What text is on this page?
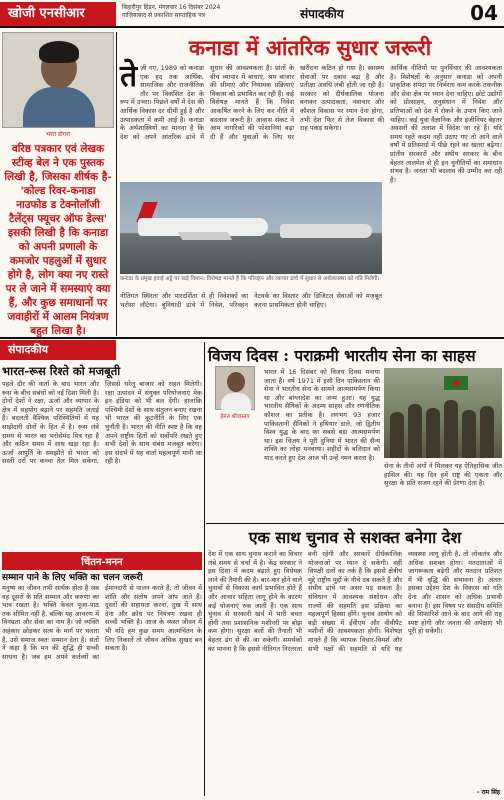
खोजी एनसीआर	बिहारीपुर हिंडन, मंगलवार 16 दिसंबर 2024
ग़ाज़ियाबाद से प्रकाशित साप्ताहिक पत्र	संपादकीय	04
भरत डोगरा
वरिष्ठ पत्रकार एवं लेखक स्टीव्ह बेल ने एक पुस्तक लिखी है, जिसका शीर्षक है- 'कोल्ड रिवर-कनाडा नाउफोड ड टेक्नोलॉजी टैलेंट्स फ्यूचर ऑफ डेल्स' इसकी लिखी है कि कनाडा को अपनी प्रणाली के कमजोर पहलुओं में सुधार होगे है, लोग क्या नए रास्ते पर ले जाने में समस्याएं क्या हैं, और कुछ समाधानों पर जवाहीरों में आलम नियंत्रण बहुत लिखा है।
कनाडा में आंतरिक सुधार जरूरी
ते ज़ी गए, 1989 को कनाडा एक हद तक आर्थिक, सामाजिक और राजनीतिक तौर पर विकसित देश के रूप में उभरा। पिछले वर्षों में देश की आर्थिक विकास दर धीमी हुई है और उत्पादकता में कमी आई है। कनाडा के अर्थशास्त्रियों का मानना है कि देश को अपने आंतरिक ढांचे में सुधार की आवश्यकता है। प्रांतों के बीच व्यापार में बाधाएं, श्रम बाजार की सीमाएं और नियामक प्रक्रियाएं विकास को प्रभावित कर रही हैं। कई विशेषज्ञ मानते हैं कि निवेश आकर्षित करने के लिए कर नीति में बदलाव जरूरी है। आवास संकट ने आम नागरिकों की परेशानियां बढ़ा दी हैं और युवाओं के लिए घर खरीदना कठिन हो गया है। स्वास्थ्य सेवाओं पर दबाव बढ़ा है और प्रतीक्षा अवधि लंबी होती जा रही है। सरकार को दीर्घकालिक योजना बनाकर उत्पादकता, नवाचार और कौशल विकास पर ध्यान देना होगा, तभी देश फिर से तेज विकास की राह पकड़ सकेगा।
कनाडा के प्रमुख हवाई अड्डे पर खड़े विमान। विशेषज्ञ मानते हैं कि परिवहन और व्यापार ढांचे में सुधार से अर्थव्यवस्था को गति मिलेगी।
नीतिगत स्थिरता और पारदर्शिता से ही निवेशकों का भरोसा लौटेगा। बुनियादी ढांचे में निवेश, परिवहन नेटवर्क का विस्तार और डिजिटल सेवाओं को मजबूत करना प्राथमिकता होनी चाहिए।
आर्थिक नीतियों पर पुनर्विचार की आवश्यकता है। विशेषज्ञों के अनुसार कनाडा को अपनी प्राकृतिक संपदा पर निर्भरता कम करके तकनीक और सेवा क्षेत्र पर ध्यान देना चाहिए। छोटे उद्योगों को प्रोत्साहन, अनुसंधान में निवेश और प्रतिभाओं को देश में रोकने के उपाय किए जाने चाहिए। कई युवा वैज्ञानिक और इंजीनियर बेहतर अवसरों की तलाश में विदेश जा रहे हैं। यदि समय रहते कदम नहीं उठाए गए तो आने वाले वर्षों में प्रतिस्पर्धा में पीछे रहने का खतरा बढ़ेगा। प्रांतीय सरकारों और संघीय सरकार के बीच बेहतर तालमेल से ही इन चुनौतियों का समाधान संभव है। जनता भी बदलाव की उम्मीद कर रही है।
संपादकीय
भारत-रूस रिश्ते को मजबूती
पहले दौर की वार्ता के बाद भारत और रूस के बीच संबंधों को नई दिशा मिली है। दोनों देशों ने रक्षा, ऊर्जा और व्यापार के क्षेत्र में सहयोग बढ़ाने पर सहमति जताई है। बदलती वैश्विक परिस्थितियों में यह साझेदारी दोनों के हित में है। रूस लंबे समय से भारत का भरोसेमंद मित्र रहा है और कठिन समय में साथ खड़ा रहा है। ऊर्जा आपूर्ति के समझौते से भारत को सस्ती दरों पर कच्चा तेल मिल सकेगा, जिससे घरेलू बाजार को राहत मिलेगी। रक्षा उत्पादन में संयुक्त परियोजनाएं मेक इन इंडिया को भी बल देंगी। हालांकि पश्चिमी देशों के साथ संतुलन बनाए रखना भी भारत की कूटनीति के लिए एक चुनौती है। भारत की नीति स्पष्ट है कि वह अपने राष्ट्रीय हितों को सर्वोपरि रखते हुए सभी देशों के साथ संबंध मजबूत करेगा। इस संदर्भ में यह वार्ता महत्वपूर्ण मानी जा रही है।
चिंतन-मनन
सम्मान पाने के लिए भक्ति का चलन जरूरी
मनुष्य का जीवन तभी सार्थक होता है जब वह दूसरों के प्रति सम्मान और करुणा का भाव रखता है। भक्ति केवल पूजा-पाठ तक सीमित नहीं है, बल्कि यह आचरण में विनम्रता और सेवा का नाम है। जो व्यक्ति अहंकार छोड़कर सत्य के मार्ग पर चलता है, उसे समाज स्वतः सम्मान देता है। संतों ने कहा है कि मन की शुद्धि ही सच्ची साधना है। जब हम अपने कर्तव्यों का ईमानदारी से पालन करते हैं, तो जीवन में शांति और संतोष अपने आप आते हैं। दूसरों की सहायता करना, दुख में साथ देना और क्रोध पर नियंत्रण रखना ही सच्ची भक्ति है। आज के व्यस्त जीवन में भी यदि हम कुछ समय आत्मचिंतन के लिए निकालें तो जीवन अधिक सुखद बन सकता है।
विजय दिवस : पराक्रमी भारतीय सेना का साहस
हेमंत श्रीवास्तव
भारत में 16 दिसंबर को विजय दिवस मनाया जाता है। वर्ष 1971 में इसी दिन पाकिस्तान की सेना ने भारतीय सेना के सामने आत्मसमर्पण किया था और बांग्लादेश का जन्म हुआ। यह युद्ध भारतीय सैनिकों के अदम्य साहस और रणनीतिक कौशल का प्रतीक है। लगभग 93 हजार पाकिस्तानी सैनिकों ने हथियार डाले, जो द्वितीय विश्व युद्ध के बाद का सबसे बड़ा आत्मसमर्पण था। इस विजय ने पूरी दुनिया में भारत की सैन्य शक्ति का लोहा मनवाया। शहीदों के बलिदान को याद करते हुए देश आज भी उन्हें नमन करता है।
सेना के तीनों अंगों ने मिलकर यह ऐतिहासिक जीत हासिल की। यह दिन हमें राष्ट्र की एकता और सुरक्षा के प्रति सजग रहने की प्रेरणा देता है।
एक साथ चुनाव से सशक्त बनेगा देश
देश में एक साथ चुनाव कराने का विचार लंबे समय से चर्चा में है। केंद्र सरकार ने इस दिशा में कदम बढ़ाते हुए विधेयक लाने की तैयारी की है। बार-बार होने वाले चुनावों से विकास कार्य प्रभावित होते हैं और आचार संहिता लागू होने के कारण कई योजनाएं रुक जाती हैं। एक साथ चुनाव से सरकारी खर्च में भारी बचत होगी तथा प्रशासनिक मशीनरी पर बोझ कम होगा। सुरक्षा बलों की तैनाती भी बेहतर ढंग से की जा सकेगी। समर्थकों का मानना है कि इससे नीतिगत निरंतरता बनी रहेगी और सरकारें दीर्घकालिक योजनाओं पर ध्यान दे सकेंगी। वहीं विपक्षी दलों का तर्क है कि इससे क्षेत्रीय मुद्दे राष्ट्रीय मुद्दों के नीचे दब सकते हैं और संघीय ढांचे पर असर पड़ सकता है। संविधान में आवश्यक संशोधन और राज्यों की सहमति इस प्रक्रिया का महत्वपूर्ण हिस्सा होंगे। चुनाव आयोग को बड़ी संख्या में ईवीएम और वीवीपैट मशीनों की आवश्यकता होगी। विशेषज्ञ मानते हैं कि व्यापक विचार-विमर्श और सभी पक्षों की सहमति से यदि यह व्यवस्था लागू होती है, तो लोकतंत्र और अधिक सशक्त होगा। मतदाताओं में जागरूकता बढ़ेगी और मतदान प्रतिशत में भी वृद्धि की संभावना है। अंततः इसका उद्देश्य देश के विकास को गति देना और शासन को अधिक प्रभावी बनाना है। इस विषय पर संसदीय समिति की सिफारिशें आने के बाद आगे की राह स्पष्ट होगी और जनता की अपेक्षाएं भी पूरी हो सकेंगी।
- राम सिंह
